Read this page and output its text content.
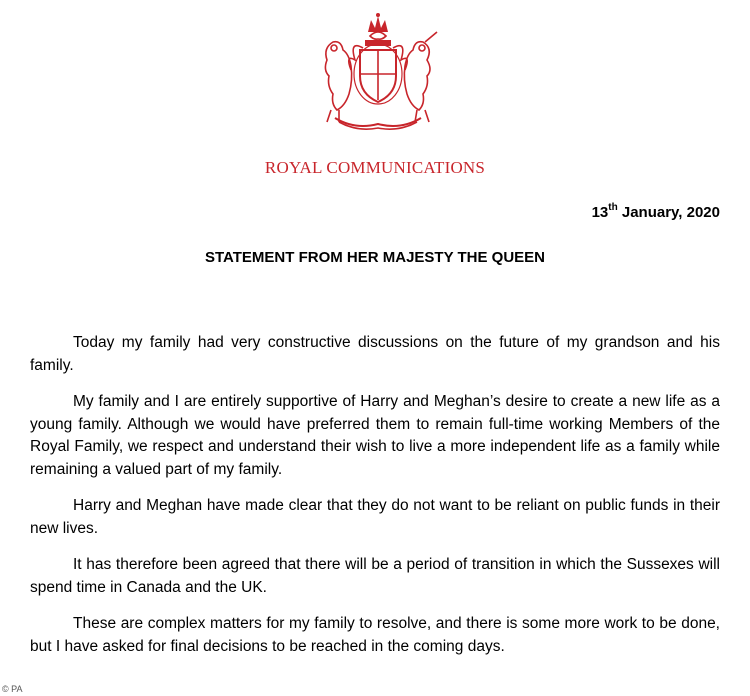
ROYAL COMMUNICATIONS
13th January, 2020
STATEMENT FROM HER MAJESTY THE QUEEN

Today my family had very constructive discussions on the future of my grandson and his family.

My family and I are entirely supportive of Harry and Meghan’s desire to create a new life as a young family. Although we would have preferred them to remain full-time working Members of the Royal Family, we respect and understand their wish to live a more independent life as a family while remaining a valued part of my family.

Harry and Meghan have made clear that they do not want to be reliant on public funds in their new lives.

It has therefore been agreed that there will be a period of transition in which the Sussexes will spend time in Canada and the UK.

These are complex matters for my family to resolve, and there is some more work to be done, but I have asked for final decisions to be reached in the coming days.

© PA
